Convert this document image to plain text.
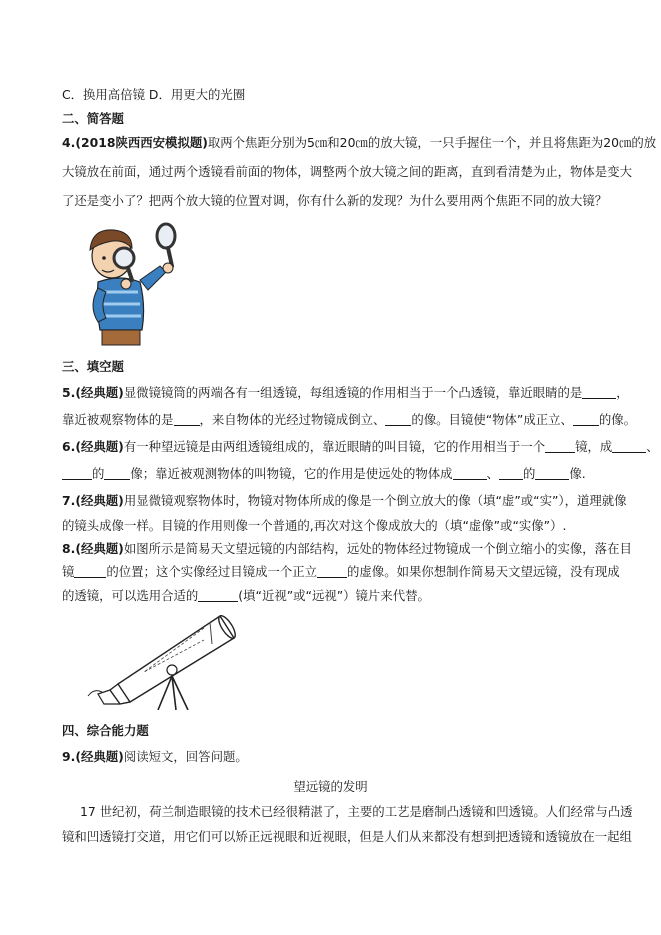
C．换用高倍镜 D．用更大的光圈
二、简答题
4.(2018陕西西安模拟题)取两个焦距分别为5㎝和20㎝的放大镜，一只手握住一个，并且将焦距为20㎝的放
大镜放在前面，通过两个透镜看前面的物体，调整两个放大镜之间的距离，直到看清楚为止，物体是变大
了还是变小了？把两个放大镜的位置对调，你有什么新的发现？为什么要用两个焦距不同的放大镜？
三、填空题
5.(经典题)显微镜镜筒的两端各有一组透镜，每组透镜的作用相当于一个凸透镜，靠近眼睛的是	，
靠近被观察物体的是 ，来自物体的光经过物镜成倒立、 的像。目镜使“物体”成正立、 的像。
6.(经典题)有一种望远镜是由两组透镜组成的，靠近眼睛的叫目镜，它的作用相当于一个 镜，成	、
的 像；靠近被观测物体的叫物镜，它的作用是使远处的物体成	、 的	像.
7.(经典题)用显微镜观察物体时，物镜对物体所成的像是一个倒立放大的像（填“虚”或“实”），道理就像
的镜头成像一样。目镜的作用则像一个普通的,再次对这个像成放大的（填“虚像”或“实像”）.
8.(经典题)如图所示是简易天文望远镜的内部结构，远处的物体经过物镜成一个倒立缩小的实像，落在目
镜	的位置；这个实像经过目镜成一个正立 的虚像。如果你想制作简易天文望远镜，没有现成
的透镜，可以选用合适的	(填“近视”或“远视”）镜片来代替。
四、综合能力题
9.(经典题)阅读短文，回答问题。
望远镜的发明
17 世纪初，荷兰制造眼镜的技术已经很精湛了，主要的工艺是磨制凸透镜和凹透镜。人们经常与凸透
镜和凹透镜打交道，用它们可以矫正远视眼和近视眼，但是人们从来都没有想到把透镜和透镜放在一起组
